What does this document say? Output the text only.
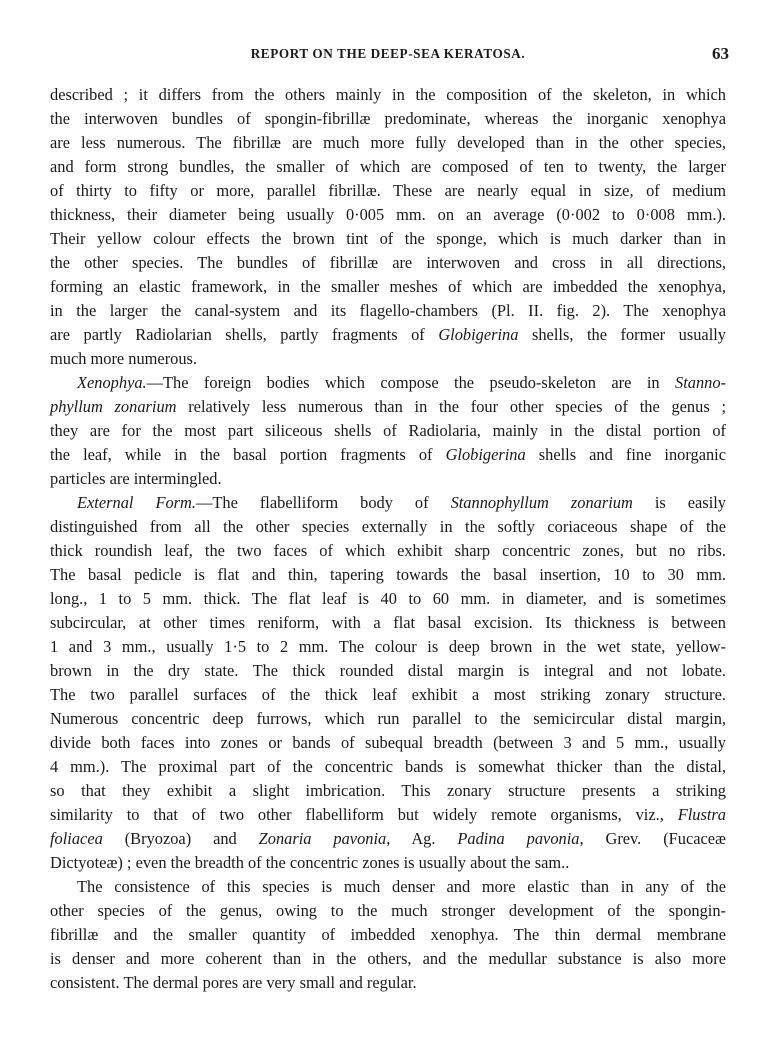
REPORT ON THE DEEP-SEA KERATOSA.	63
described ; it differs from the others mainly in the composition of the skeleton, in which
the interwoven bundles of spongin-fibrillæ predominate, whereas the inorganic xenophya
are less numerous. The fibrillæ are much more fully developed than in the other species,
and form strong bundles, the smaller of which are composed of ten to twenty, the larger
of thirty to fifty or more, parallel fibrillæ. These are nearly equal in size, of medium
thickness, their diameter being usually 0·005 mm. on an average (0·002 to 0·008 mm.).
Their yellow colour effects the brown tint of the sponge, which is much darker than in
the other species. The bundles of fibrillæ are interwoven and cross in all directions,
forming an elastic framework, in the smaller meshes of which are imbedded the xenophya,
in the larger the canal-system and its flagello-chambers (Pl. II. fig. 2). The xenophya
are partly Radiolarian shells, partly fragments of Globigerina shells, the former usually
much more numerous.
Xenophya.—The foreign bodies which compose the pseudo-skeleton are in Stanno-
phyllum zonarium relatively less numerous than in the four other species of the genus ;
they are for the most part siliceous shells of Radiolaria, mainly in the distal portion of
the leaf, while in the basal portion fragments of Globigerina shells and fine inorganic
particles are intermingled.
External Form.—The flabelliform body of Stannophyllum zonarium is easily
distinguished from all the other species externally in the softly coriaceous shape of the
thick roundish leaf, the two faces of which exhibit sharp concentric zones, but no ribs.
The basal pedicle is flat and thin, tapering towards the basal insertion, 10 to 30 mm.
long., 1 to 5 mm. thick. The flat leaf is 40 to 60 mm. in diameter, and is sometimes
subcircular, at other times reniform, with a flat basal excision. Its thickness is between
1 and 3 mm., usually 1·5 to 2 mm. The colour is deep brown in the wet state, yellow-
brown in the dry state. The thick rounded distal margin is integral and not lobate.
The two parallel surfaces of the thick leaf exhibit a most striking zonary structure.
Numerous concentric deep furrows, which run parallel to the semicircular distal margin,
divide both faces into zones or bands of subequal breadth (between 3 and 5 mm., usually
4 mm.). The proximal part of the concentric bands is somewhat thicker than the distal,
so that they exhibit a slight imbrication. This zonary structure presents a striking
similarity to that of two other flabelliform but widely remote organisms, viz., Flustra
foliacea (Bryozoa) and Zonaria pavonia, Ag. Padina pavonia, Grev. (Fucaceæ
Dictyoteæ) ; even the breadth of the concentric zones is usually about the sam..
The consistence of this species is much denser and more elastic than in any of the
other species of the genus, owing to the much stronger development of the spongin-
fibrillæ and the smaller quantity of imbedded xenophya. The thin dermal membrane
is denser and more coherent than in the others, and the medullar substance is also more
consistent. The dermal pores are very small and regular.
